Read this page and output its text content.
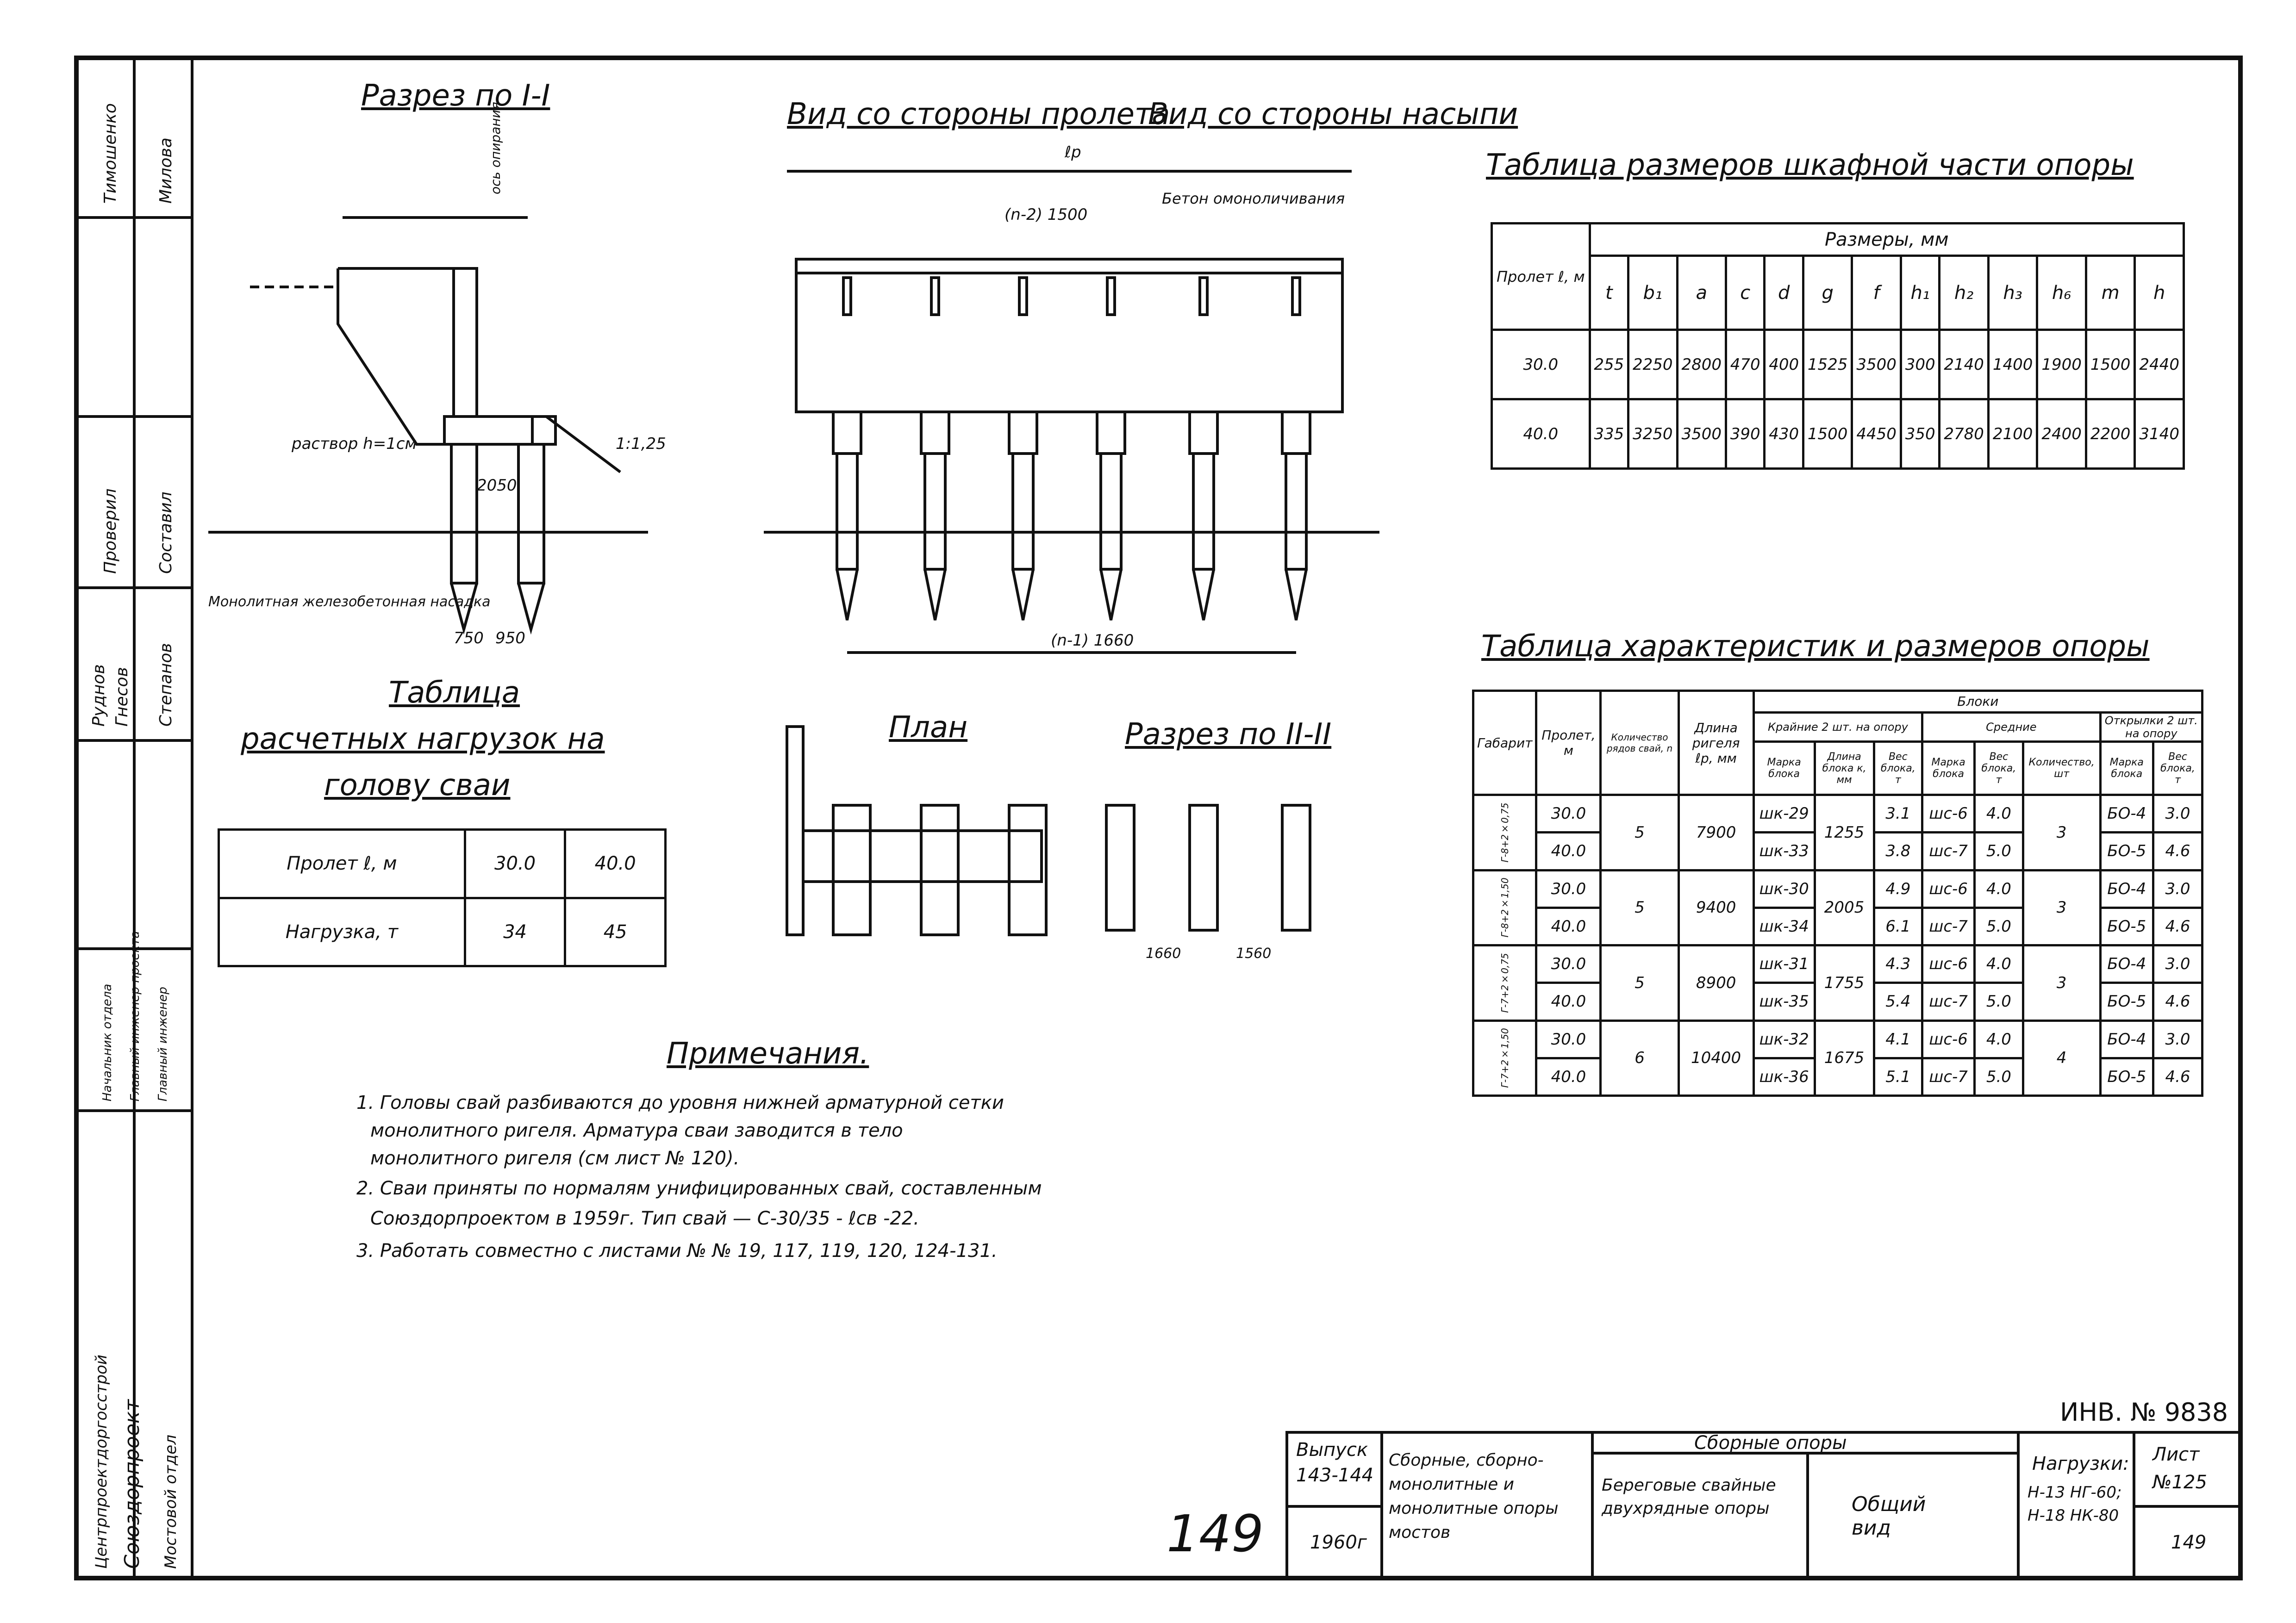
Тимошенко Милова
Проверил Составил
Руднов Гнесов Степанов
Начальник отдела Главный инженер проекта Главный инженер
Центрпроектдоргосстрой Союздорпроект Мостовой отдел
раствор h=1см
Монолитная железобетонная насадка
ось опирания
2050
750 950
1:1,25
ℓр
(n-2) 1500
Бетон омоноличивания
(n-1) 1660
1660	1560
Разрез по I-I
Вид со стороны пролета
Вид со стороны насыпи
План	Разрез по II-II
Таблица размеров шкафной части опоры
Пролет ℓ, м	Размеры, мм												
	t	b₁	a	c	d	g	f	h₁	h₂	h₃	h₆	m	h
30.0	255	2250	2800	470	400	1525	3500	300	2140	1400	1900	1500	2440
40.0	335	3250	3500	390	430	1500	4450	350	2780	2100	2400	2200	3140
Таблица
расчетных нагрузок на
голову сваи
Пролет ℓ, м	30.0	40.0
Нагрузка, т	34	45
Таблица характеристик и размеров опоры
Габарит	Пролет, м	Количество рядов свай, n	Длина ригеля ℓр, мм	Блоки							
				Крайние 2 шт. на опору			Средние			Открылки 2 шт. на опору	
				Марка блока	Длина блока к, мм	Вес блока, т	Марка блока	Вес блока, т	Количество, шт	Марка блока	Вес блока, т
Г-8+2×0,75	30.0	5	7900	шк-29	1255	3.1	шс-6	4.0	3	БО-4	3.0
	40.0			шк-33		3.8	шс-7	5.0		БО-5	4.6
Г-8+2×1,50	30.0	5	9400	шк-30	2005	4.9	шс-6	4.0	3	БО-4	3.0
	40.0			шк-34		6.1	шс-7	5.0		БО-5	4.6
Г-7+2×0,75	30.0	5	8900	шк-31	1755	4.3	шс-6	4.0	3	БО-4	3.0
	40.0			шк-35		5.4	шс-7	5.0		БО-5	4.6
Г-7+2×1,50	30.0	6	10400	шк-32	1675	4.1	шс-6	4.0	4	БО-4	3.0
	40.0			шк-36		5.1	шс-7	5.0		БО-5	4.6
Примечания.
1. Головы свай разбиваются до уровня нижней арматурной сетки
монолитного ригеля. Арматура сваи заводится в тело
монолитного ригеля (см лист № 120).
2. Сваи приняты по нормалям унифицированных свай, составленным
Союздорпроектом в 1959г. Тип свай — С-30/35 - ℓсв -22.
3. Работать совместно с листами № № 19, 117, 119, 120, 124-131.
ИНВ. № 9838
Выпуск
143-144
1960г
Сборные, сборно-монолитные и монолитные опоры мостов
149
Сборные опоры
Береговые свайные двухрядные опоры	Общий вид
Нагрузки:
Н-13 НГ-60; Н-18 НК-80
Лист
№125
149
